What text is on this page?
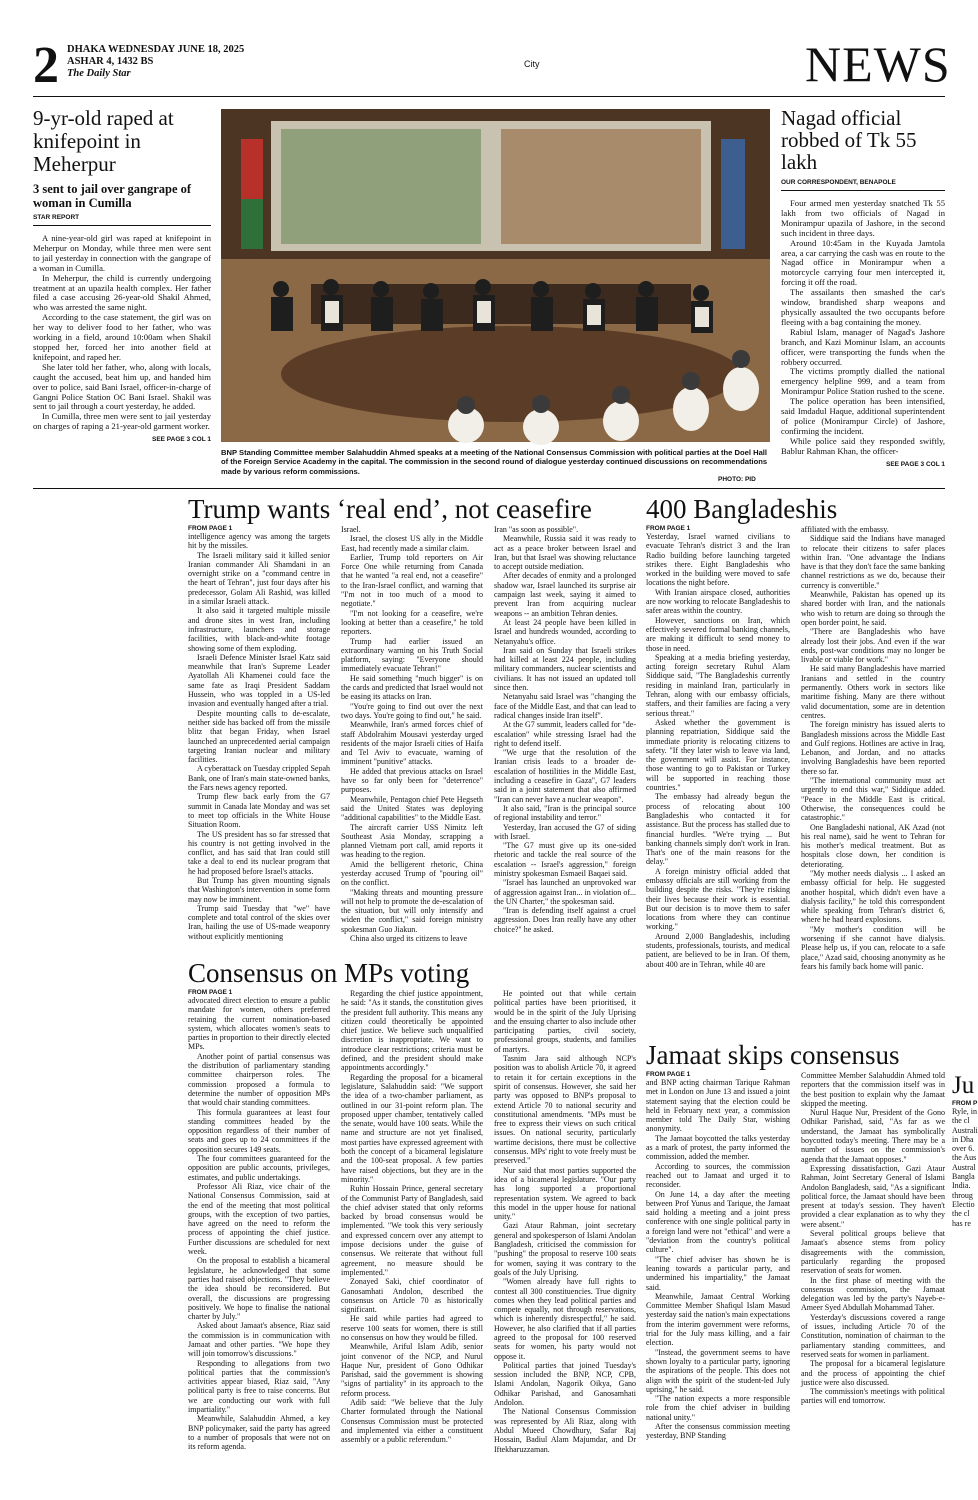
2 DHAKA WEDNESDAY JUNE 18, 2025
ASHAR 4, 1432 BS
The Daily Star
City	NEWS
9-yr-old raped at knifepoint in Meherpur
3 sent to jail over gangrape of woman in Cumilla
STAR REPORT

A nine-year-old girl was raped at knifepoint in Meherpur on Monday, while three men were sent to jail yesterday in connection with the gangrape of a woman in Cumilla.

In Meherpur, the child is currently undergoing treatment at an upazila health complex. Her father filed a case accusing 26-year-old Shakil Ahmed, who was arrested the same night.

According to the case statement, the girl was on her way to deliver food to her father, who was working in a field, around 10:00am when Shakil stopped her, forced her into another field at knifepoint, and raped her.

She later told her father, who, along with locals, caught the accused, beat him up, and handed him over to police, said Bani Israel, officer-in-charge of Gangni Police Station OC Bani Israel. Shakil was sent to jail through a court yesterday, he added.

In Cumilla, three men were sent to jail yesterday on charges of raping a 21-year-old garment worker.

SEE PAGE 3 COL 1
BNP Standing Committee member Salahuddin Ahmed speaks at a meeting of the National Consensus Commission with political parties at the Doel Hall of the Foreign Service Academy in the capital. The commission in the second round of dialogue yesterday continued discussions on recommendations made by various reform commissions.
PHOTO: PID
Nagad official robbed of Tk 55 lakh
OUR CORRESPONDENT, BENAPOLE

Four armed men yesterday snatched Tk 55 lakh from two officials of Nagad in Monirampur upazila of Jashore, in the second such incident in three days.

Around 10:45am in the Kuyada Jamtola area, a car carrying the cash was en route to the Nagad office in Monirampur when a motorcycle carrying four men intercepted it, forcing it off the road.

The assailants then smashed the car's window, brandished sharp weapons and physically assaulted the two occupants before fleeing with a bag containing the money.

Rabiul Islam, manager of Nagad's Jashore branch, and Kazi Mominur Islam, an accounts officer, were transporting the funds when the robbery occurred.

The victims promptly dialled the national emergency helpline 999, and a team from Monirampur Police Station rushed to the scene.

The police operation has been intensified, said Imdadul Haque, additional superintendent of police (Monirampur Circle) of Jashore, confirming the incident.

While police said they responded swiftly, Bablur Rahman Khan, the officer-

SEE PAGE 3 COL 1
Trump wants ‘real end’, not ceasefire
FROM PAGE 1

intelligence agency was among the targets hit by the missiles.

The Israeli military said it killed senior Iranian commander Ali Shamdani in an overnight strike on a "command centre in the heart of Tehran", just four days after his predecessor, Golam Ali Rashid, was killed in a similar Israeli attack.

It also said it targeted multiple missile and drone sites in west Iran, including infrastructure, launchers and storage facilities, with black-and-white footage showing some of them exploding.

Israeli Defence Minister Israel Katz said meanwhile that Iran's Supreme Leader Ayatollah Ali Khamenei could face the same fate as Iraqi President Saddam Hussein, who was toppled in a US-led invasion and eventually hanged after a trial.

Despite mounting calls to de-escalate, neither side has backed off from the missile blitz that began Friday, when Israel launched an unprecedented aerial campaign targeting Iranian nuclear and military facilities.

A cyberattack on Tuesday crippled Sepah Bank, one of Iran's main state-owned banks, the Fars news agency reported.

Trump flew back early from the G7 summit in Canada late Monday and was set to meet top officials in the White House Situation Room.

The US president has so far stressed that his country is not getting involved in the conflict, and has said that Iran could still take a deal to end its nuclear program that he had proposed before Israel's attacks.

But Trump has given mounting signals that Washington's intervention in some form may now be imminent.

Trump said Tuesday that "we" have complete and total control of the skies over Iran, hailing the use of US-made weaponry without explicitly mentioning

Israel.

Israel, the closest US ally in the Middle East, had recently made a similar claim.

Earlier, Trump told reporters on Air Force One while returning from Canada that he wanted "a real end, not a ceasefire" to the Iran-Israel conflict, and warning that "I'm not in too much of a mood to negotiate."

"I'm not looking for a ceasefire, we're looking at better than a ceasefire," he told reporters.

Trump had earlier issued an extraordinary warning on his Truth Social platform, saying: "Everyone should immediately evacuate Tehran!"

He said something "much bigger" is on the cards and predicted that Israel would not be easing its attacks on Iran.

"You're going to find out over the next two days. You're going to find out," he said.

Meanwhile, Iran's armed forces chief of staff Abdolrahim Mousavi yesterday urged residents of the major Israeli cities of Haifa and Tel Aviv to evacuate, warning of imminent "punitive" attacks.

He added that previous attacks on Israel have so far only been for "deterrence" purposes.

Meanwhile, Pentagon chief Pete Hegseth said the United States was deploying "additional capabilities" to the Middle East.

The aircraft carrier USS Nimitz left Southeast Asia Monday, scrapping a planned Vietnam port call, amid reports it was heading to the region.

Amid the belligerent rhetoric, China yesterday accused Trump of "pouring oil" on the conflict.

"Making threats and mounting pressure will not help to promote the de-escalation of the situation, but will only intensify and widen the conflict," said foreign ministry spokesman Guo Jiakun.

China also urged its citizens to leave

Iran "as soon as possible".

Meanwhile, Russia said it was ready to act as a peace broker between Israel and Iran, but that Israel was showing reluctance to accept outside mediation.

After decades of enmity and a prolonged shadow war, Israel launched its surprise air campaign last week, saying it aimed to prevent Iran from acquiring nuclear weapons -- an ambition Tehran denies.

At least 24 people have been killed in Israel and hundreds wounded, according to Netanyahu's office.

Iran said on Sunday that Israeli strikes had killed at least 224 people, including military commanders, nuclear scientists and civilians. It has not issued an updated toll since then.

Netanyahu said Israel was "changing the face of the Middle East, and that can lead to radical changes inside Iran itself".

At the G7 summit, leaders called for "de-escalation" while stressing Israel had the right to defend itself.

"We urge that the resolution of the Iranian crisis leads to a broader de-escalation of hostilities in the Middle East, including a ceasefire in Gaza", G7 leaders said in a joint statement that also affirmed "Iran can never have a nuclear weapon".

It also said, "Iran is the principal source of regional instability and terror."

Yesterday, Iran accused the G7 of siding with Israel.

"The G7 must give up its one-sided rhetoric and tackle the real source of the escalation -- Israel's aggression," foreign ministry spokesman Esmaeil Baqaei said.

"Israel has launched an unprovoked war of aggression against Iran... in violation of... the UN Charter," the spokesman said.

"Iran is defending itself against a cruel aggression. Does Iran really have any other choice?" he asked.

400 Bangladeshis
FROM PAGE 1

Yesterday, Israel warned civilians to evacuate Tehran's district 3 and the Iran Radio building before launching targeted strikes there. Eight Bangladeshis who worked in the building were moved to safe locations the night before.

With Iranian airspace closed, authorities are now working to relocate Bangladeshis to safer areas within the country.

However, sanctions on Iran, which effectively severed formal banking channels, are making it difficult to send money to those in need.

Speaking at a media briefing yesterday, acting foreign secretary Ruhul Alam Siddique said, "The Bangladeshis currently residing in mainland Iran, particularly in Tehran, along with our embassy officials, staffers, and their families are facing a very serious threat."

Asked whether the government is planning repatriation, Siddique said the immediate priority is relocating citizens to safety. "If they later wish to leave via land, the government will assist. For instance, those wanting to go to Pakistan or Turkey will be supported in reaching those countries."

The embassy had already begun the process of relocating about 100 Bangladeshis who contacted it for assistance. But the process has stalled due to financial hurdles. "We're trying ... But banking channels simply don't work in Iran. That's one of the main reasons for the delay."

A foreign ministry official added that embassy officials are still working from the building despite the risks. "They're risking their lives because their work is essential. But our decision is to move them to safer locations from where they can continue working."

Around 2,000 Bangladeshis, including students, professionals, tourists, and medical patient, are believed to be in Iran. Of them, about 400 are in Tehran, while 40 are

affiliated with the embassy.

Siddique said the Indians have managed to relocate their citizens to safer places within Iran. "One advantage the Indians have is that they don't face the same banking channel restrictions as we do, because their currency is convertible."

Meanwhile, Pakistan has opened up its shared border with Iran, and the nationals who wish to return are doing so through the open border point, he said.

"There are Bangladeshis who have already lost their jobs. And even if the war ends, post-war conditions may no longer be livable or viable for work."

He said many Bangladeshis have married Iranians and settled in the country permanently. Others work in sectors like maritime fishing. Many are there without valid documentation, some are in detention centres.

The foreign ministry has issued alerts to Bangladesh missions across the Middle East and Gulf regions. Hotlines are active in Iraq, Lebanon, and Jordan, and no attacks involving Bangladeshis have been reported there so far.

"The international community must act urgently to end this war," Siddique added. "Peace in the Middle East is critical. Otherwise, the consequences could be catastrophic."

One Bangladeshi national, AK Azad (not his real name), said he went to Tehran for his mother's medical treatment. But as hospitals close down, her condition is deteriorating.

"My mother needs dialysis ... I asked an embassy official for help. He suggested another hospital, which didn't even have a dialysis facility," he told this correspondent while speaking from Tehran's district 6, where he had heard explosions.

"My mother's condition will be worsening if she cannot have dialysis. Please help us, if you can, relocate to a safe place," Azad said, choosing anonymity as he fears his family back home will panic.

Consensus on MPs voting
FROM PAGE 1

advocated direct election to ensure a public mandate for women, others preferred retaining the current nomination-based system, which allocates women's seats to parties in proportion to their directly elected MPs.

Another point of partial consensus was the distribution of parliamentary standing committee chairperson roles. The commission proposed a formula to determine the number of opposition MPs that would chair standing committees.

This formula guarantees at least four standing committees headed by the opposition regardless of their number of seats and goes up to 24 committees if the opposition secures 149 seats.

The four committees guaranteed for the opposition are public accounts, privileges, estimates, and public undertakings.

Professor Ali Riaz, vice chair of the National Consensus Commission, said at the end of the meeting that most political groups, with the exception of two parties, have agreed on the need to reform the process of appointing the chief justice. Further discussions are scheduled for next week.

On the proposal to establish a bicameral legislature, he acknowledged that some parties had raised objections. "They believe the idea should be reconsidered. But overall, the discussions are progressing positively. We hope to finalise the national charter by July."

Asked about Jamaat's absence, Riaz said the commission is in communication with Jamaat and other parties. "We hope they will join tomorrow's discussions."

Responding to allegations from two political parties that the commission's activities appear biased, Riaz said, "Any political party is free to raise concerns. But we are conducting our work with full impartiality."

Meanwhile, Salahuddin Ahmed, a key BNP policymaker, said the party has agreed to a number of proposals that were not on its reform agenda.

Regarding the chief justice appointment, he said: "As it stands, the constitution gives the president full authority. This means any citizen could theoretically be appointed chief justice. We believe such unqualified discretion is inappropriate. We want to introduce clear restrictions; criteria must be defined, and the president should make appointments accordingly."

Regarding the proposal for a bicameral legislature, Salahuddin said: "We support the idea of a two-chamber parliament, as outlined in our 31-point reform plan. The proposed upper chamber, tentatively called the senate, would have 100 seats. While the name and structure are not yet finalised, most parties have expressed agreement with both the concept of a bicameral legislature and the 100-seat proposal. A few parties have raised objections, but they are in the minority."

Ruhin Hossain Prince, general secretary of the Communist Party of Bangladesh, said the chief adviser stated that only reforms backed by broad consensus would be implemented. "We took this very seriously and expressed concern over any attempt to impose decisions under the guise of consensus. We reiterate that without full agreement, no measure should be implemented."

Zonayed Saki, chief coordinator of Ganosamhati Andolon, described the consensus on Article 70 as historically significant.

He said while parties had agreed to reserve 100 seats for women, there is still no consensus on how they would be filled.

Meanwhile, Ariful Islam Adib, senior joint convenor of the NCP, and Nurul Haque Nur, president of Gono Odhikar Parishad, said the government is showing "signs of partiality" in its approach to the reform process.

Adib said: "We believe that the July Charter formulated through the National Consensus Commission must be protected and implemented via either a constituent assembly or a public referendum."

He pointed out that while certain political parties have been prioritised, it would be in the spirit of the July Uprising and the ensuing charter to also include other participating parties, civil society, professional groups, students, and families of martyrs.

Tasnim Jara said although NCP's position was to abolish Article 70, it agreed to retain it for certain exceptions in the spirit of consensus. However, she said her party was opposed to BNP's proposal to extend Article 70 to national security and constitutional amendments. "MPs must be free to express their views on such critical issues. On national security, particularly wartime decisions, there must be collective consensus. MPs' right to vote freely must be preserved."

Nur said that most parties supported the idea of a bicameral legislature. "Our party has long supported a proportional representation system. We agreed to back this model in the upper house for national unity."

Gazi Ataur Rahman, joint secretary general and spokesperson of Islami Andolan Bangladesh, criticised the commission for "pushing" the proposal to reserve 100 seats for women, saying it was contrary to the goals of the July Uprising.

"Women already have full rights to contest all 300 constituencies. True dignity comes when they lead political parties and compete equally, not through reservations, which is inherently disrespectful," he said. However, he also clarified that if all parties agreed to the proposal for 100 reserved seats for women, his party would not oppose it.

Political parties that joined Tuesday's session included the BNP, NCP, CPB, Islami Andolan, Nagorik Oikya, Gano Odhikar Parishad, and Ganosamhati Andolon.

The National Consensus Commission was represented by Ali Riaz, along with Abdul Mueed Chowdhury, Safar Raj Hossain, Badiul Alam Majumdar, and Dr Iftekharuzzaman.

Jamaat skips consensus
FROM PAGE 1

and BNP acting chairman Tarique Rahman met in London on June 13 and issued a joint statement saying that the election could be held in February next year, a commission member told The Daily Star, wishing anonymity.

The Jamaat boycotted the talks yesterday as a mark of protest, the party informed the commission, added the member.

According to sources, the commission reached out to Jamaat and urged it to reconsider.

On June 14, a day after the meeting between Prof Yunus and Tarique, the Jamaat said holding a meeting and a joint press conference with one single political party in a foreign land were not "ethical" and were a "deviation from the country's political culture".

"The chief adviser has shown he is leaning towards a particular party, and undermined his impartiality," the Jamaat said.

Meanwhile, Jamaat Central Working Committee Member Shafiqul Islam Masud yesterday said the nation's main expectations from the interim government were reforms, trial for the July mass killing, and a fair election.

"Instead, the government seems to have shown loyalty to a particular party, ignoring the aspirations of the people. This does not align with the spirit of the student-led July uprising," he said.

"The nation expects a more responsible role from the chief adviser in building national unity."

After the consensus commission meeting yesterday, BNP Standing

Committee Member Salahuddin Ahmed told reporters that the commission itself was in the best position to explain why the Jamaat skipped the meeting.

Nurul Haque Nur, President of the Gono Odhikar Parishad, said, "As far as we understand, the Jamaat has symbolically boycotted today's meeting. There may be a number of issues on the commission's agenda that the Jamaat opposes."

Expressing dissatisfaction, Gazi Ataur Rahman, Joint Secretary General of Islami Andolon Bangladesh, said, "As a significant political force, the Jamaat should have been present at today's session. They haven't provided a clear explanation as to why they were absent."

Several political groups believe that Jamaat's absence stems from policy disagreements with the commission, particularly regarding the proposed reservation of seats for women.

In the first phase of meeting with the consensus commission, the Jamaat delegation was led by the party's Nayeb-e-Ameer Syed Abdullah Mohammad Taher.

Yesterday's discussions covered a range of issues, including Article 70 of the Constitution, nomination of chairman to the parliamentary standing committees, and reserved seats for women in parliament.

The proposal for a bicameral legislature and the process of appointing the chief justice were also discussed.

The commission's meetings with political parties will end tomorrow.

Ju
FROM P
Ryle, in
the cl
Australi
in Dha
over 6.
the Aus
Austral
Bangla
India.
throug
Electio
the cl
has re
